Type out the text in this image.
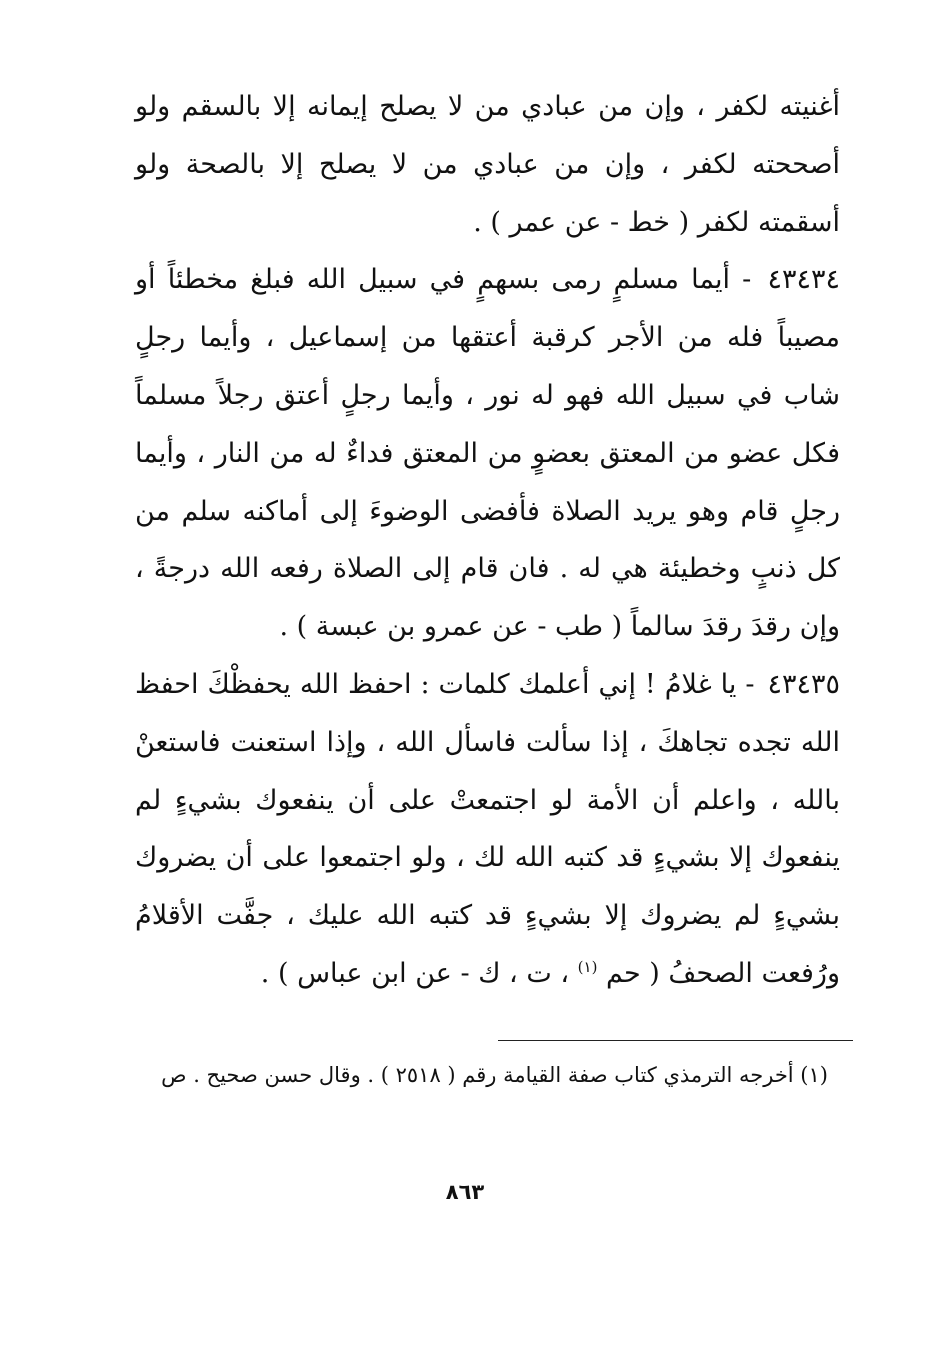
أغنيته لكفر ، وإن من عبادي من لا يصلح إيمانه إلا بالسقم ولو أصححته لكفر ، وإن من عبادي من لا يصلح إلا بالصحة ولو أسقمته لكفر ( خط - عن عمر ) .

٤٣٤٣٤ - أيما مسلمٍ رمى بسهمٍ في سبيل الله فبلغ مخطئاً أو مصيباً فله من الأجر كرقبة أعتقها من إسماعيل ، وأيما رجلٍ شاب في سبيل الله فهو له نور ، وأيما رجلٍ أعتق رجلاً مسلماً فكل عضو من المعتق بعضوٍ من المعتق فداءٌ له من النار ، وأيما رجلٍ قام وهو يريد الصلاة فأفضى الوضوءَ إلى أماكنه سلم من كل ذنبٍ وخطيئة هي له . فان قام إلى الصلاة رفعه الله درجةً ، وإن رقدَ رقدَ سالماً ( طب - عن عمرو بن عبسة ) .

٤٣٤٣٥ - يا غلامُ ! إني أعلمك كلمات : احفظ الله يحفظْكَ احفظ الله تجده تجاهكَ ، إذا سألت فاسأل الله ، وإذا استعنت فاستعنْ بالله ، واعلم أن الأمة لو اجتمعتْ على أن ينفعوك بشيءٍ لم ينفعوك إلا بشيءٍ قد كتبه الله لك ، ولو اجتمعوا على أن يضروك بشيءٍ لم يضروك إلا بشيءٍ قد كتبه الله عليك ، جفَّت الأقلامُ ورُفعت الصحفُ ( حم $^{(١)}$ ، ت ، ك - عن ابن عباس ) .

(١) أخرجه الترمذي كتاب صفة القيامة رقم ( ٢٥١٨ ) . وقال حسن صحيح . ص

٨٦٣
